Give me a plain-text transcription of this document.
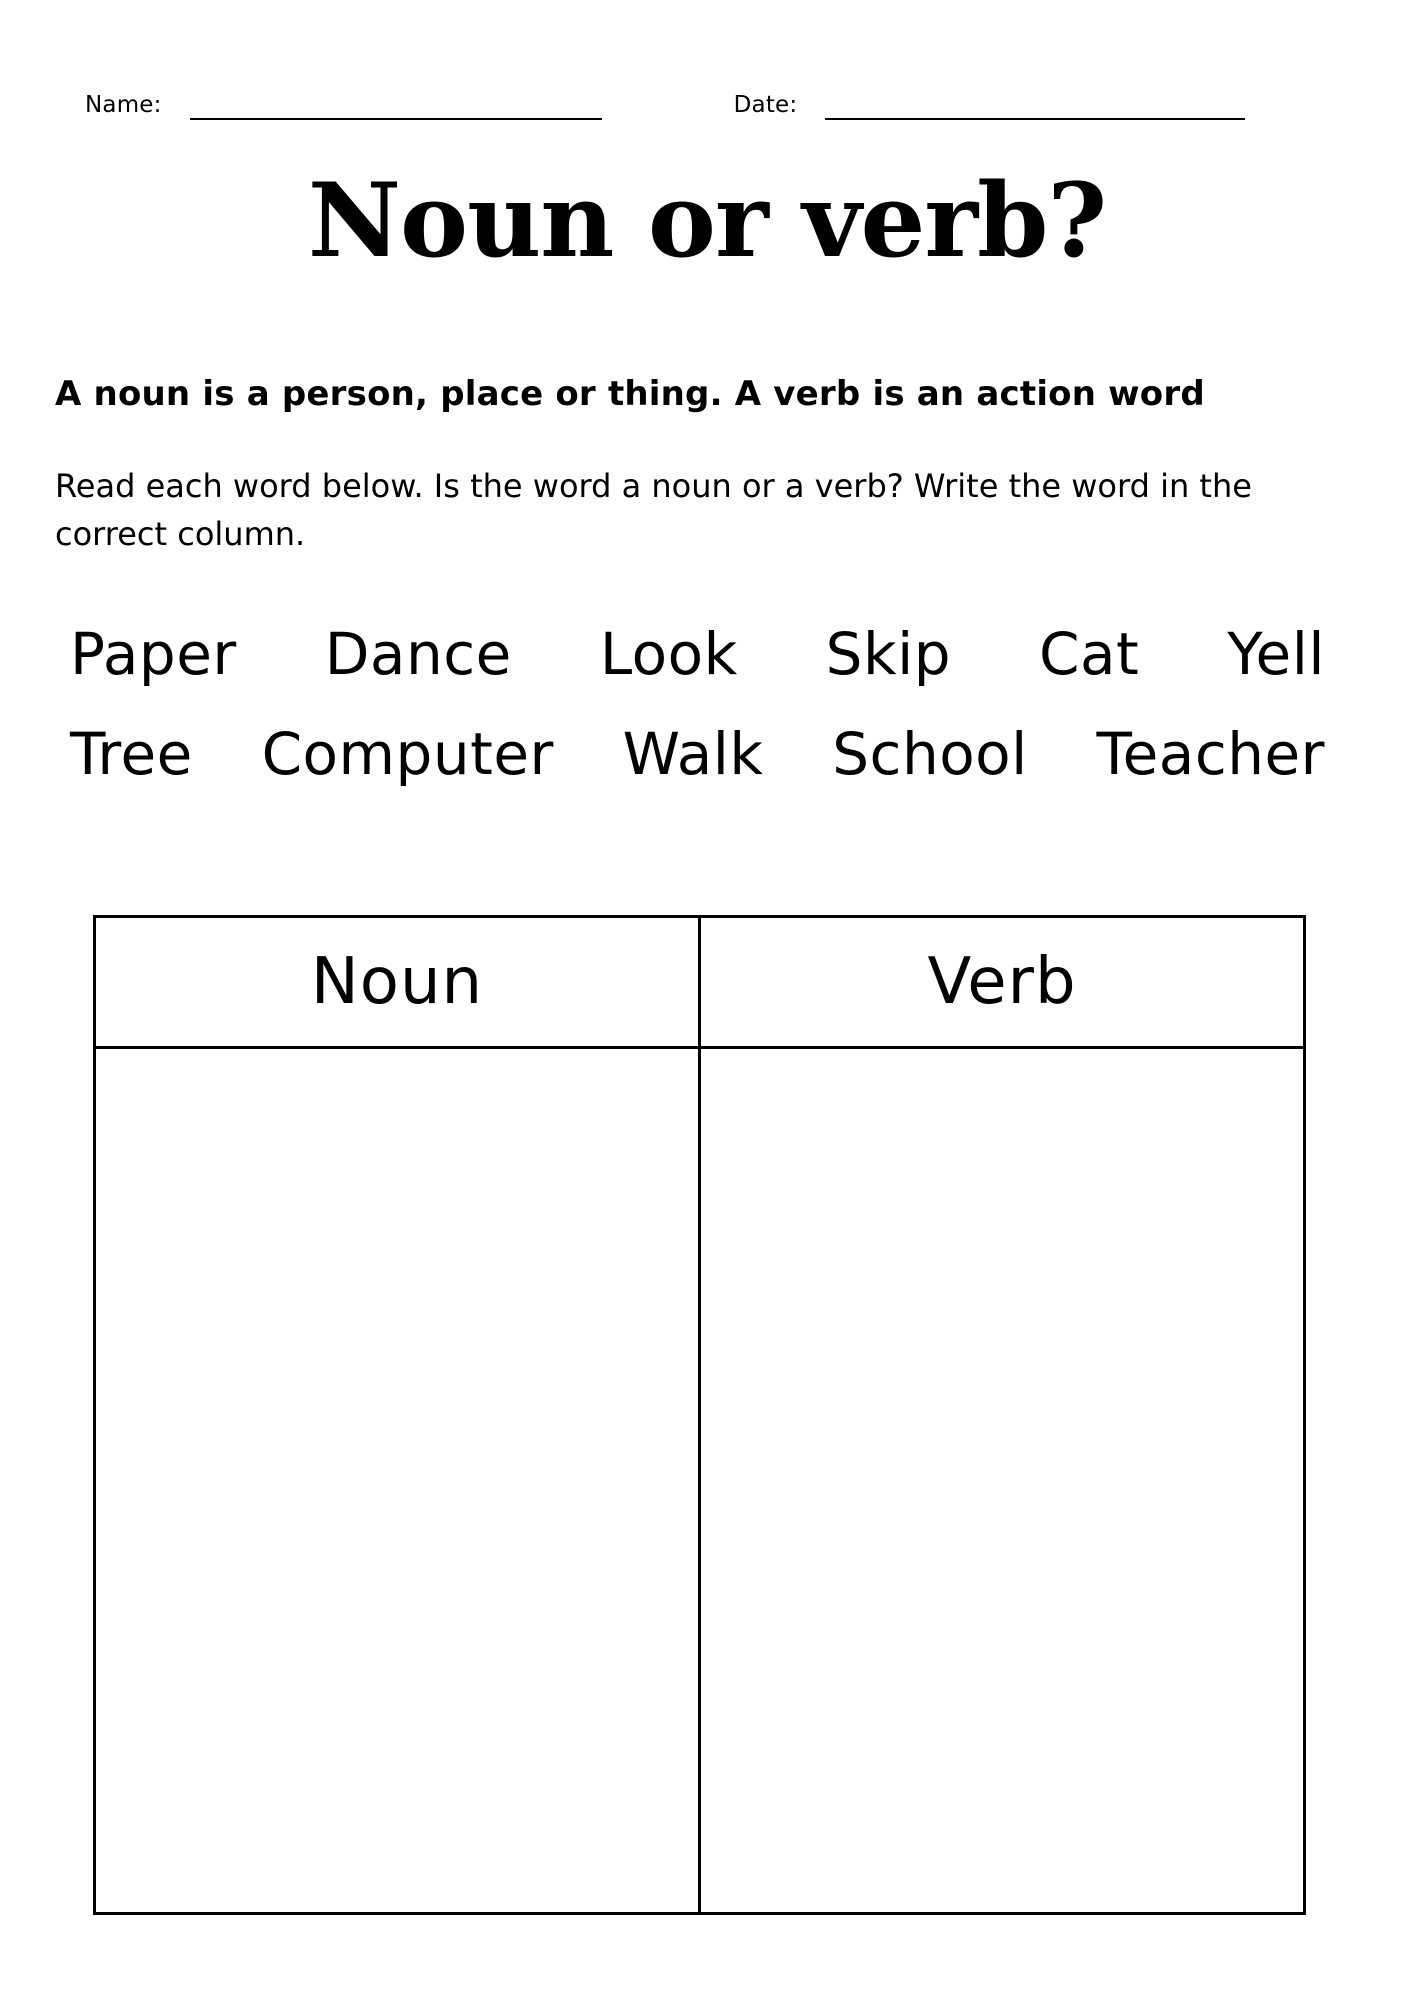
Name:	Date:
Noun or verb?
A noun is a person, place or thing. A verb is an action word
Read each word below. Is the word a noun or a verb? Write the word in the correct column.
Paper Dance Look Skip Cat Yell
Tree Computer Walk School Teacher
Noun	Verb
